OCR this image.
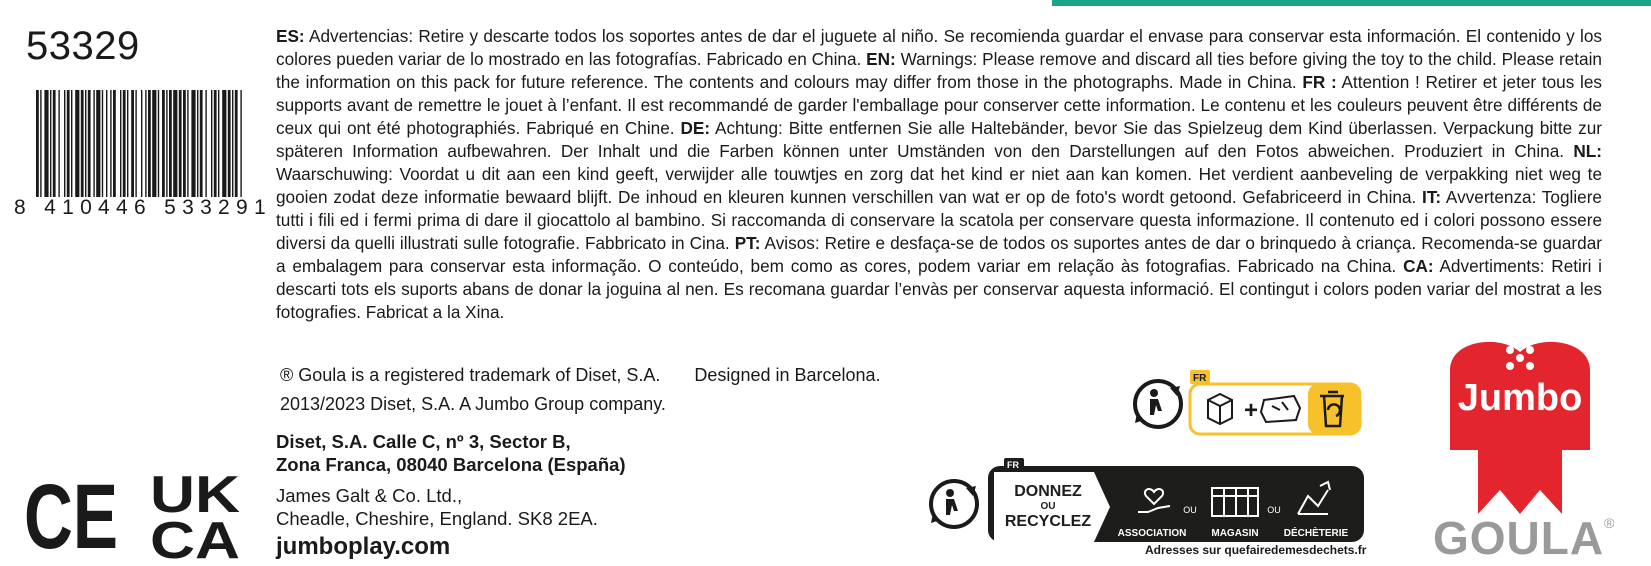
53329
8 410446 533291
ES: Advertencias: Retire y descarte todos los soportes antes de dar el juguete al niño. Se recomienda guardar el envase para conservar esta información. El contenido y los colores pueden variar de lo mostrado en las fotografías. Fabricado en China. EN: Warnings: Please remove and discard all ties before giving the toy to the child. Please retain the information on this pack for future reference. The contents and colours may differ from those in the photographs. Made in China. FR : Attention ! Retirer et jeter tous les supports avant de remettre le jouet à l’enfant. Il est recommandé de garder l'emballage pour conserver cette information. Le contenu et les couleurs peuvent être différents de ceux qui ont été photographiés. Fabriqué en Chine. DE: Achtung: Bitte entfernen Sie alle Haltebänder, bevor Sie das Spielzeug dem Kind überlassen. Verpackung bitte zur späteren Information aufbewahren. Der Inhalt und die Farben können unter Umständen von den Darstellungen auf den Fotos abweichen. Produziert in China. NL: Waarschuwing: Voordat u dit aan een kind geeft, verwijder alle touwtjes en zorg dat het kind er niet aan kan komen. Het verdient aanbeveling de verpakking niet weg te gooien zodat deze informatie bewaard blijft. De inhoud en kleuren kunnen verschillen van wat er op de foto's wordt getoond. Gefabriceerd in China. IT: Avvertenza: Togliere tutti i fili ed i fermi prima di dare il giocattolo al bambino. Si raccomanda di conservare la scatola per conservare questa informazione. Il contenuto ed i colori possono essere diversi da quelli illustrati sulle fotografie. Fabbricato in Cina. PT: Avisos: Retire e desfaça-se de todos os suportes antes de dar o brinquedo à criança. Recomenda-se guardar a embalagem para conservar esta informação. O conteúdo, bem como as cores, podem variar em relação às fotografias. Fabricado na China. CA: Advertiments: Retiri i descarti tots els suports abans de donar la joguina al nen. Es recomana guardar l’envàs per conservar aquesta informació. El contingut i colors poden variar del mostrat a les fotografies. Fabricat a la Xina.
® Goula is a registered trademark of Diset, S.A. Designed in Barcelona.
2013/2023 Diset, S.A. A Jumbo Group company.
Diset, S.A. Calle C, nº 3, Sector B,
Zona Franca, 08040 Barcelona (España)
James Galt & Co. Ltd.,
Cheadle, Cheshire, England. SK8 2EA.
jumboplay.com
CE UK
CA
FR
+
FR
DONNEZ
OU
RECYCLEZ
ASSOCIATION
OU
MAGASIN
OU
DÉCHÈTERIE
Adresses sur quefairedemesdechets.fr
Jumbo
GOULA®
